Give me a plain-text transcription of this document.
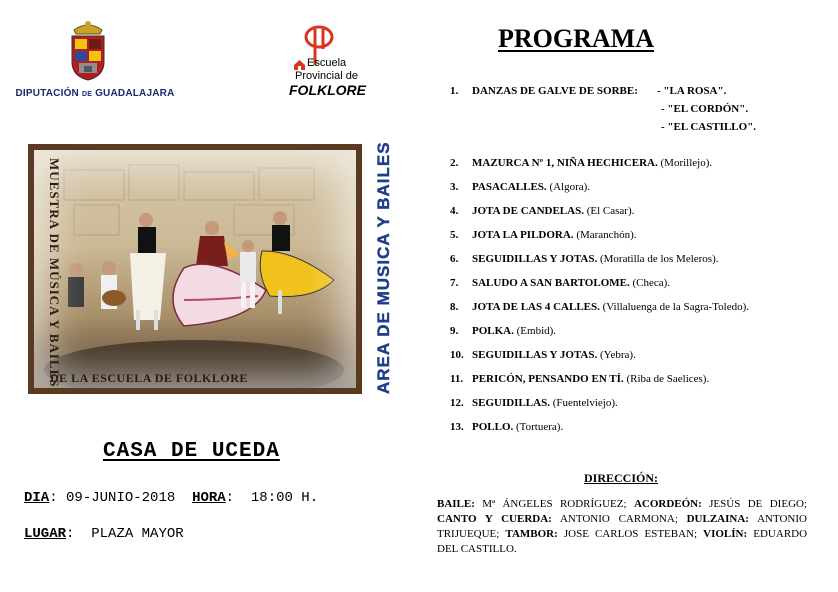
DIPUTACIÓN DE GUADALAJARA
Escuela
Provincial de
FOLKLORE
MUESTRA DE MÚSICA Y BAILES
DE LA ESCUELA DE FOLKLORE	AREA DE MUSICA Y BAILES
CASA DE UCEDA
DIA: 09-JUNIO-2018 HORA:  18:00 H.
LUGAR:  PLAZA MAYOR
PROGRAMA
1. DANZAS DE GALVE DE SORBE: - "LA ROSA".
- "EL CORDÓN".
- "EL CASTILLO".
2. MAZURCA Nº 1, NIÑA HECHICERA. (Morillejo).
3. PASACALLES. (Algora).
4. JOTA DE CANDELAS. (El Casar).
5. JOTA LA PILDORA. (Maranchón).
6. SEGUIDILLAS Y JOTAS. (Moratilla de los Meleros).
7. SALUDO A SAN BARTOLOME. (Checa).
8. JOTA DE LAS 4 CALLES. (Villaluenga de la Sagra-Toledo).
9. POLKA. (Embid).
10. SEGUIDILLAS Y JOTAS. (Yebra).
11. PERICÓN, PENSANDO EN TÍ. (Riba de Saelices).
12. SEGUIDILLAS. (Fuentelviejo).
13. POLLO. (Tortuera).
DIRECCIÓN:
BAILE: Mª ÁNGELES RODRÍGUEZ; ACORDEÓN: JESÚS DE DIEGO; CANTO Y CUERDA: ANTONIO CARMONA; DULZAINA: ANTONIO TRIJUEQUE; TAMBOR: JOSE CARLOS ESTEBAN; VIOLÍN: EDUARDO DEL CASTILLO.
